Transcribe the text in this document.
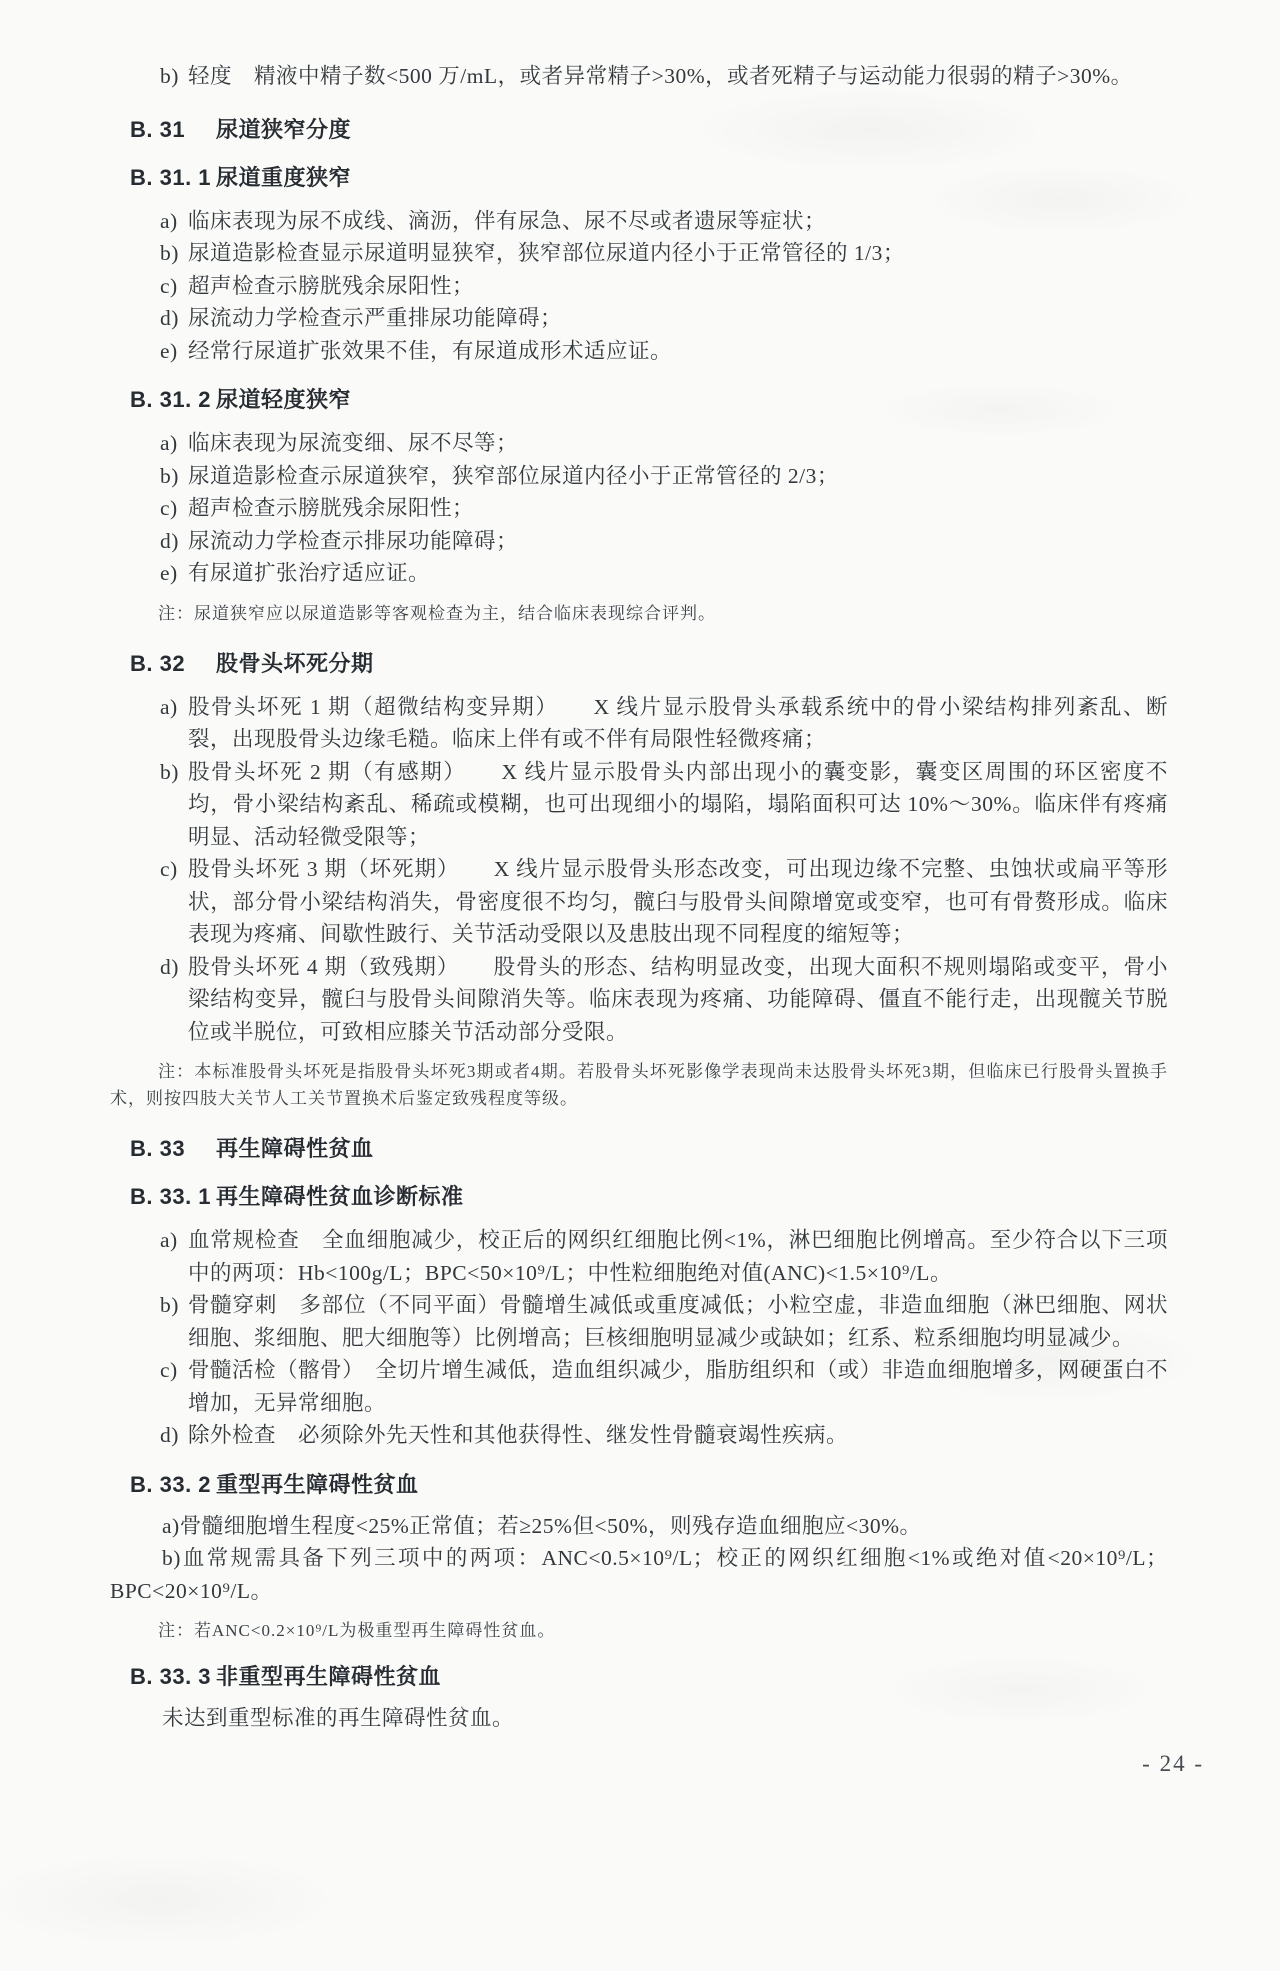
b) 轻度　精液中精子数<500 万/mL，或者异常精子>30%，或者死精子与运动能力很弱的精子>30%。
B. 31 尿道狭窄分度
B. 31. 1 尿道重度狭窄
a) 临床表现为尿不成线、滴沥，伴有尿急、尿不尽或者遗尿等症状；
b) 尿道造影检查显示尿道明显狭窄，狭窄部位尿道内径小于正常管径的 1/3；
c) 超声检查示膀胱残余尿阳性；
d) 尿流动力学检查示严重排尿功能障碍；
e) 经常行尿道扩张效果不佳，有尿道成形术适应证。
B. 31. 2 尿道轻度狭窄
a) 临床表现为尿流变细、尿不尽等；
b) 尿道造影检查示尿道狭窄，狭窄部位尿道内径小于正常管径的 2/3；
c) 超声检查示膀胱残余尿阳性；
d) 尿流动力学检查示排尿功能障碍；
e) 有尿道扩张治疗适应证。
注：尿道狭窄应以尿道造影等客观检查为主，结合临床表现综合评判。
B. 32 股骨头坏死分期
a) 股骨头坏死 1 期（超微结构变异期）　　X 线片显示股骨头承载系统中的骨小梁结构排列紊乱、断裂，出现股骨头边缘毛糙。临床上伴有或不伴有局限性轻微疼痛；
b) 股骨头坏死 2 期（有感期）　　X 线片显示股骨头内部出现小的囊变影，囊变区周围的环区密度不均，骨小梁结构紊乱、稀疏或模糊，也可出现细小的塌陷，塌陷面积可达 10%～30%。临床伴有疼痛明显、活动轻微受限等；
c) 股骨头坏死 3 期（坏死期）　　X 线片显示股骨头形态改变，可出现边缘不完整、虫蚀状或扁平等形状，部分骨小梁结构消失，骨密度很不均匀，髋臼与股骨头间隙增宽或变窄，也可有骨赘形成。临床表现为疼痛、间歇性跛行、关节活动受限以及患肢出现不同程度的缩短等；
d) 股骨头坏死 4 期（致残期）　　股骨头的形态、结构明显改变，出现大面积不规则塌陷或变平，骨小梁结构变异，髋臼与股骨头间隙消失等。临床表现为疼痛、功能障碍、僵直不能行走，出现髋关节脱位或半脱位，可致相应膝关节活动部分受限。
注：本标准股骨头坏死是指股骨头坏死3期或者4期。若股骨头坏死影像学表现尚未达股骨头坏死3期，但临床已行股骨头置换手术，则按四肢大关节人工关节置换术后鉴定致残程度等级。
B. 33 再生障碍性贫血
B. 33. 1 再生障碍性贫血诊断标准
a) 血常规检查　全血细胞减少，校正后的网织红细胞比例<1%，淋巴细胞比例增高。至少符合以下三项中的两项：Hb<100g/L；BPC<50×10⁹/L；中性粒细胞绝对值(ANC)<1.5×10⁹/L。
b) 骨髓穿刺　多部位（不同平面）骨髓增生减低或重度减低；小粒空虚，非造血细胞（淋巴细胞、网状细胞、浆细胞、肥大细胞等）比例增高；巨核细胞明显减少或缺如；红系、粒系细胞均明显减少。
c) 骨髓活检（髂骨）　全切片增生减低，造血组织减少，脂肪组织和（或）非造血细胞增多，网硬蛋白不增加，无异常细胞。
d) 除外检查　必须除外先天性和其他获得性、继发性骨髓衰竭性疾病。
B. 33. 2 重型再生障碍性贫血
a)骨髓细胞增生程度<25%正常值；若≥25%但<50%，则残存造血细胞应<30%。
b)血常规需具备下列三项中的两项：ANC<0.5×10⁹/L；校正的网织红细胞<1%或绝对值<20×10⁹/L；BPC<20×10⁹/L。
注：若ANC<0.2×10⁹/L为极重型再生障碍性贫血。
B. 33. 3 非重型再生障碍性贫血
未达到重型标准的再生障碍性贫血。
- 24 -
